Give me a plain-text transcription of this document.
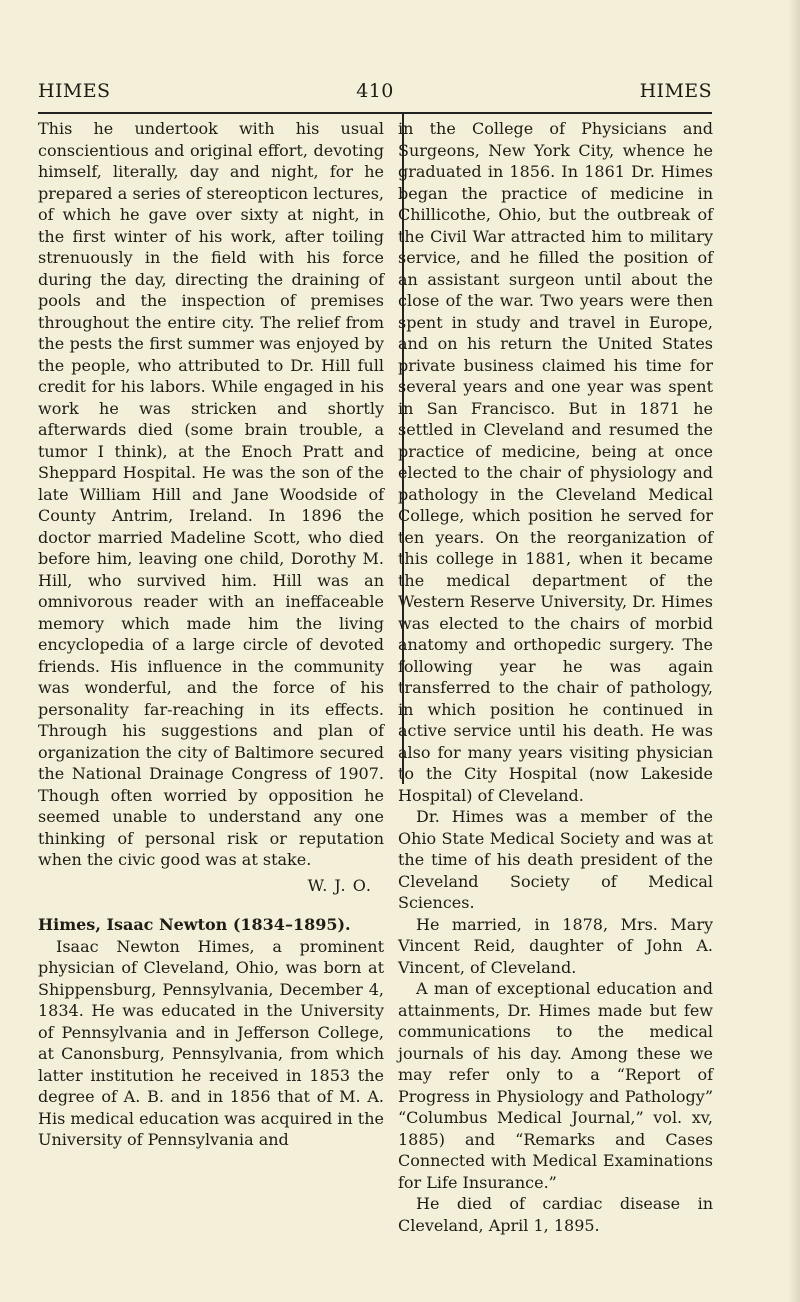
HIMES	410	HIMES

This he undertook with his usual conscientious and original effort, devoting himself, literally, day and night, for he prepared a series of stereopticon lectures, of which he gave over sixty at night, in the first winter of his work, after toiling strenuously in the field with his force during the day, directing the draining of pools and the inspection of premises throughout the entire city. The relief from the pests the first summer was enjoyed by the people, who attributed to Dr. Hill full credit for his labors. While engaged in his work he was stricken and shortly afterwards died (some brain trouble, a tumor I think), at the Enoch Pratt and Sheppard Hospital. He was the son of the late William Hill and Jane Woodside of County Antrim, Ireland. In 1896 the doctor married Madeline Scott, who died before him, leaving one child, Dorothy M. Hill, who survived him. Hill was an omnivorous reader with an ineffaceable memory which made him the living encyclopedia of a large circle of devoted friends. His influence in the community was wonderful, and the force of his personality far-reaching in its effects. Through his suggestions and plan of organization the city of Baltimore secured the National Drainage Congress of 1907. Though often worried by opposition he seemed unable to understand any one thinking of personal risk or reputation when the civic good was at stake.

W. J. O.

Himes, Isaac Newton (1834–1895).

Isaac Newton Himes, a prominent physician of Cleveland, Ohio, was born at Shippensburg, Pennsylvania, December 4, 1834. He was educated in the University of Pennsylvania and in Jefferson College, at Canonsburg, Pennsylvania, from which latter institution he received in 1853 the degree of A. B. and in 1856 that of M. A. His medical education was acquired in the University of Pennsylvania and

in the College of Physicians and Surgeons, New York City, whence he graduated in 1856. In 1861 Dr. Himes began the practice of medicine in Chillicothe, Ohio, but the outbreak of the Civil War attracted him to military service, and he filled the position of an assistant surgeon until about the close of the war. Two years were then spent in study and travel in Europe, and on his return the United States private business claimed his time for several years and one year was spent in San Francisco. But in 1871 he settled in Cleveland and resumed the practice of medicine, being at once elected to the chair of physiology and pathology in the Cleveland Medical College, which position he served for ten years. On the reorganization of this college in 1881, when it became the medical department of the Western Reserve University, Dr. Himes was elected to the chairs of morbid anatomy and orthopedic surgery. The following year he was again transferred to the chair of pathology, in which position he continued in active service until his death. He was also for many years visiting physician to the City Hospital (now Lakeside Hospital) of Cleveland.

Dr. Himes was a member of the Ohio State Medical Society and was at the time of his death president of the Cleveland Society of Medical Sciences.

He married, in 1878, Mrs. Mary Vincent Reid, daughter of John A. Vincent, of Cleveland.

A man of exceptional education and attainments, Dr. Himes made but few communications to the medical journals of his day. Among these we may refer only to a “Report of Progress in Physiology and Pathology” “Columbus Medical Journal,” vol. xv, 1885) and “Remarks and Cases Connected with Medical Examinations for Life Insurance.”

He died of cardiac disease in Cleveland, April 1, 1895.
